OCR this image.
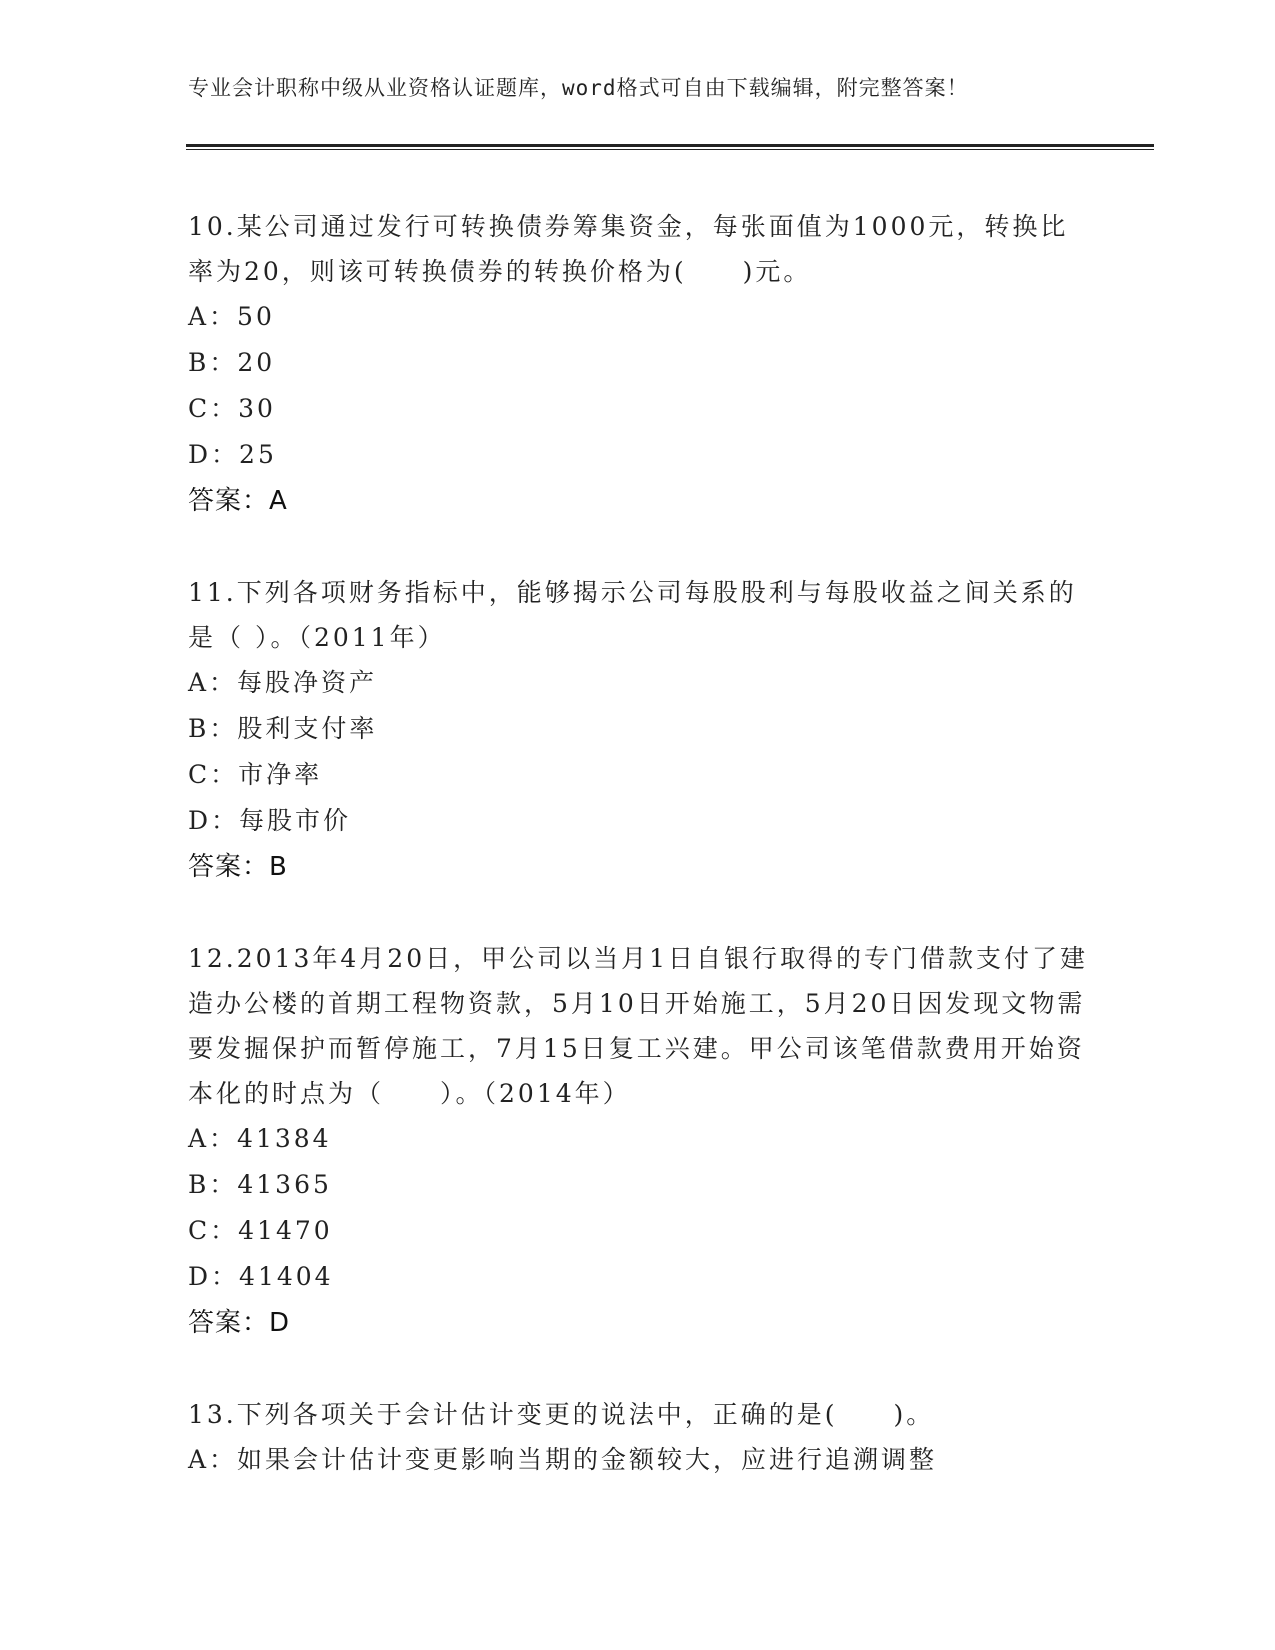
专业会计职称中级从业资格认证题库，word格式可自由下载编辑，附完整答案！
10.某公司通过发行可转换债券筹集资金，每张面值为1000元，转换比率为20，则该可转换债券的转换价格为(　　)元。
A：50
B：20
C：30
D：25
答案：A
11.下列各项财务指标中，能够揭示公司每股股利与每股收益之间关系的是（ ）。（2011年）
A：每股净资产
B：股利支付率
C：市净率
D：每股市价
答案：B
12.2013年4月20日，甲公司以当月1日自银行取得的专门借款支付了建造办公楼的首期工程物资款，5月10日开始施工，5月20日因发现文物需要发掘保护而暂停施工，7月15日复工兴建。甲公司该笔借款费用开始资本化的时点为（　　）。（2014年）
A：41384
B：41365
C：41470
D：41404
答案：D
13.下列各项关于会计估计变更的说法中，正确的是(　　)。
A：如果会计估计变更影响当期的金额较大，应进行追溯调整
